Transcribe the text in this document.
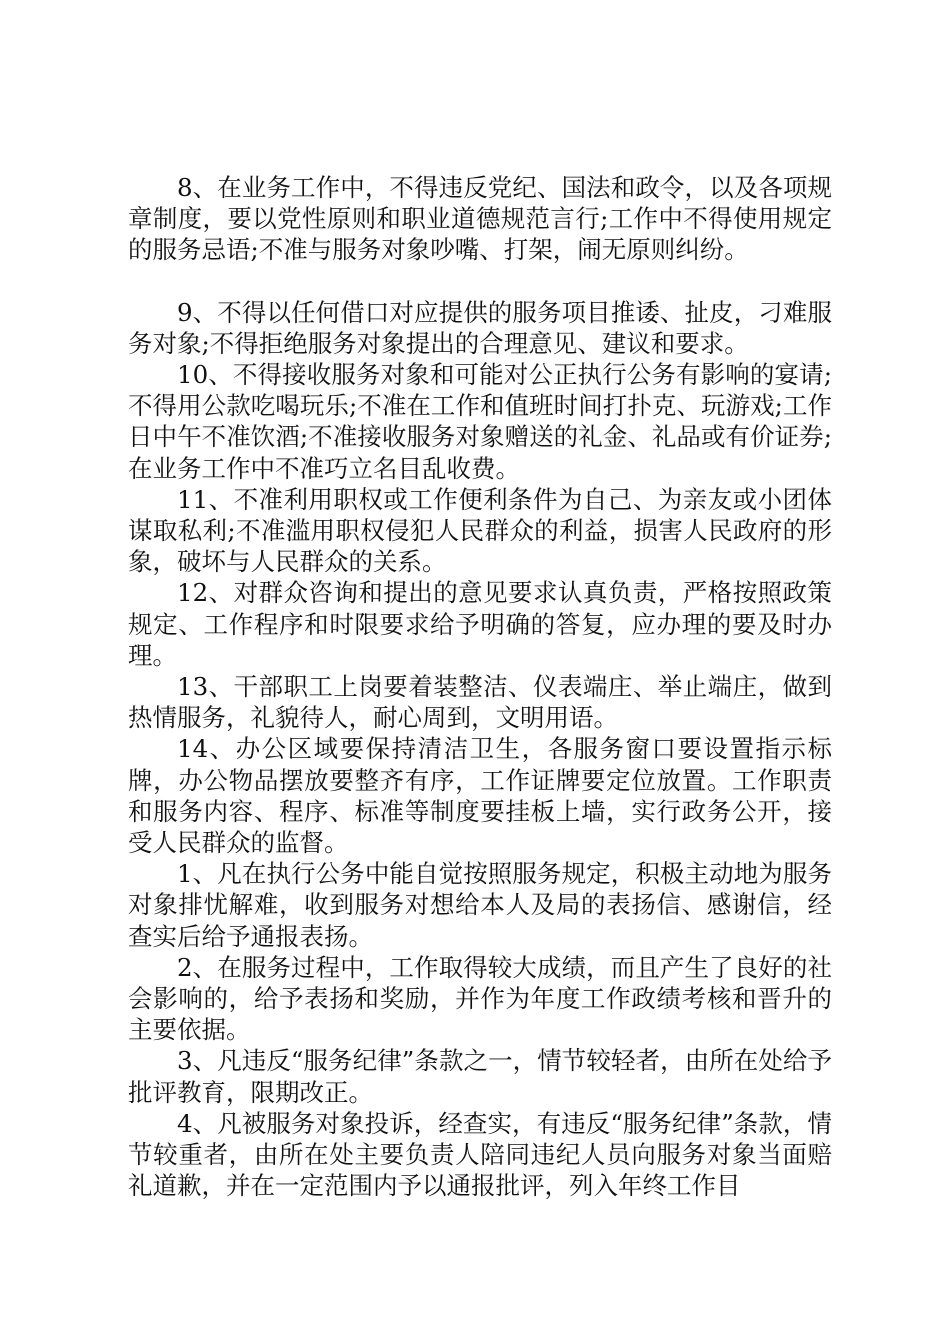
8、在业务工作中，不得违反党纪、国法和政令，以及各项规章制度，要以党性原则和职业道德规范言行;工作中不得使用规定的服务忌语;不准与服务对象吵嘴、打架，闹无原则纠纷。

9、不得以任何借口对应提供的服务项目推诿、扯皮，刁难服务对象;不得拒绝服务对象提出的合理意见、建议和要求。

10、不得接收服务对象和可能对公正执行公务有影响的宴请;不得用公款吃喝玩乐;不准在工作和值班时间打扑克、玩游戏;工作日中午不准饮酒;不准接收服务对象赠送的礼金、礼品或有价证券;在业务工作中不准巧立名目乱收费。

11、不准利用职权或工作便利条件为自己、为亲友或小团体谋取私利;不准滥用职权侵犯人民群众的利益，损害人民政府的形象，破坏与人民群众的关系。

12、对群众咨询和提出的意见要求认真负责，严格按照政策规定、工作程序和时限要求给予明确的答复，应办理的要及时办理。

13、干部职工上岗要着装整洁、仪表端庄、举止端庄，做到热情服务，礼貌待人，耐心周到，文明用语。

14、办公区域要保持清洁卫生，各服务窗口要设置指示标牌，办公物品摆放要整齐有序，工作证牌要定位放置。工作职责和服务内容、程序、标准等制度要挂板上墙，实行政务公开，接受人民群众的监督。

1、凡在执行公务中能自觉按照服务规定，积极主动地为服务对象排忧解难，收到服务对想给本人及局的表扬信、感谢信，经查实后给予通报表扬。

2、在服务过程中，工作取得较大成绩，而且产生了良好的社会影响的，给予表扬和奖励，并作为年度工作政绩考核和晋升的主要依据。

3、凡违反“服务纪律”条款之一，情节较轻者，由所在处给予批评教育，限期改正。

4、凡被服务对象投诉，经查实，有违反“服务纪律”条款，情节较重者，由所在处主要负责人陪同违纪人员向服务对象当面赔礼道歉，并在一定范围内予以通报批评，列入年终工作目
